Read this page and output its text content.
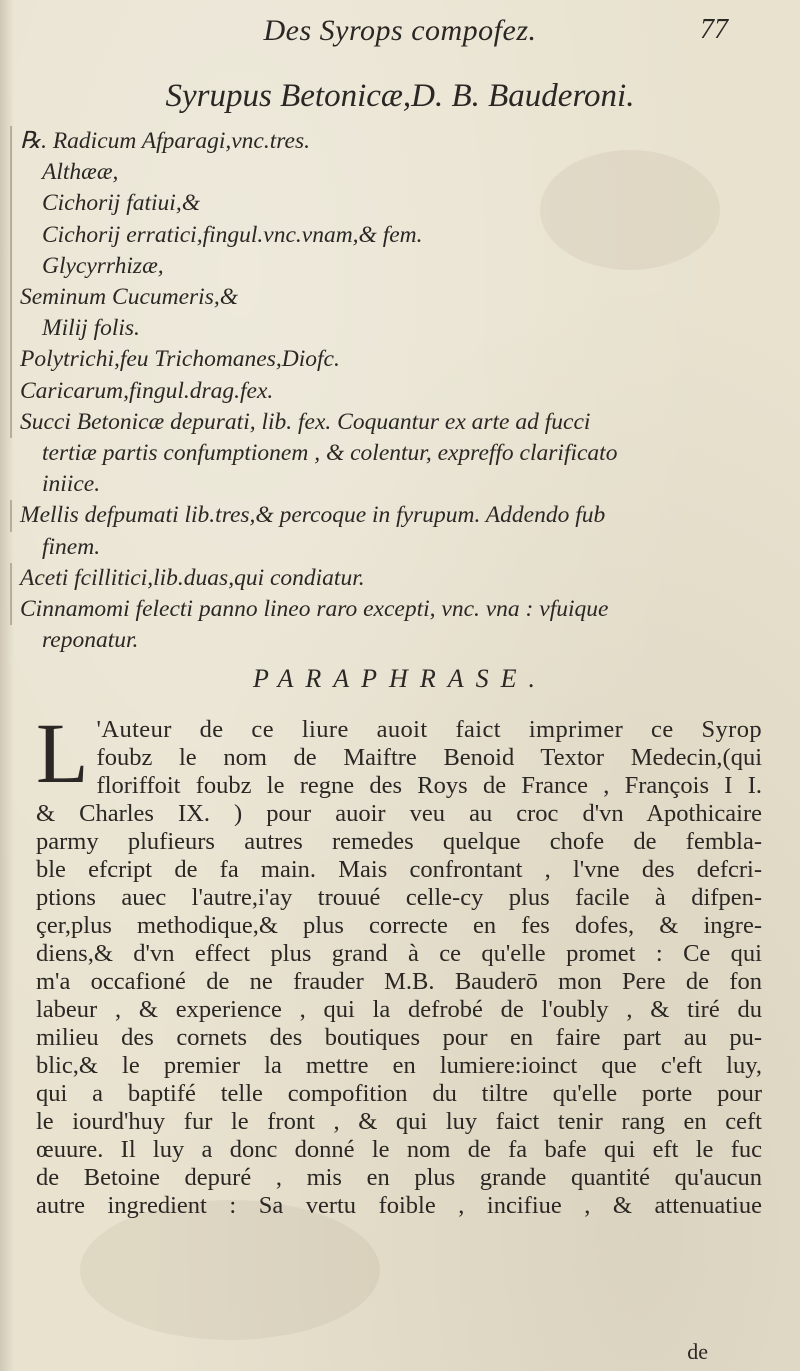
Des Syrops compofez.	77
Syrupus Betonicæ,D. B. Bauderoni.
℞. Radicum Afparagi,vnc.tres.
Althææ,
Cichorij fatiui,&
Cichorij erratici,fingul.vnc.vnam,& fem.
Glycyrrhizæ,
Seminum Cucumeris,&
Milij folis.
Polytrichi,feu Trichomanes,Diofc.
Caricarum,fingul.drag.fex.
Succi Betonicæ depurati, lib. fex. Coquantur ex arte ad fucci
tertiæ partis confumptionem , & colentur, expreffo clarificato
iniice.
Mellis defpumati lib.tres,& percoque in fyrupum. Addendo fub
finem.
Aceti fcillitici,lib.duas,qui condiatur.
Cinnamomi felecti panno lineo raro excepti, vnc. vna : vfuique
reponatur.
PARAPHRASE.
L 'Auteur de ce liure auoit faict imprimer ce Syrop
foubz le nom de Maiftre Benoid Textor Medecin,(qui
floriffoit foubz le regne des Roys de France , François I I.
& Charles IX. ) pour auoir veu au croc d'vn Apothicaire
parmy plufieurs autres remedes quelque chofe de fembla-
ble efcript de fa main. Mais confrontant , l'vne des defcri-
ptions auec l'autre,i'ay trouué celle-cy plus facile à difpen-
çer,plus methodique,& plus correcte en fes dofes, & ingre-
diens,& d'vn effect plus grand à ce qu'elle promet : Ce qui
m'a occafioné de ne frauder M.B. Bauderō mon Pere de fon
labeur , & experience , qui la defrobé de l'oubly , & tiré du
milieu des cornets des boutiques pour en faire part au pu-
blic,& le premier la mettre en lumiere:ioinct que c'eft luy,
qui a baptifé telle compofition du tiltre qu'elle porte pour
le iourd'huy fur le front , & qui luy faict tenir rang en ceft
œuure. Il luy a donc donné le nom de fa bafe qui eft le fuc
de Betoine depuré , mis en plus grande quantité qu'aucun
autre ingredient : Sa vertu foible , incifiue , & attenuatiue
de
